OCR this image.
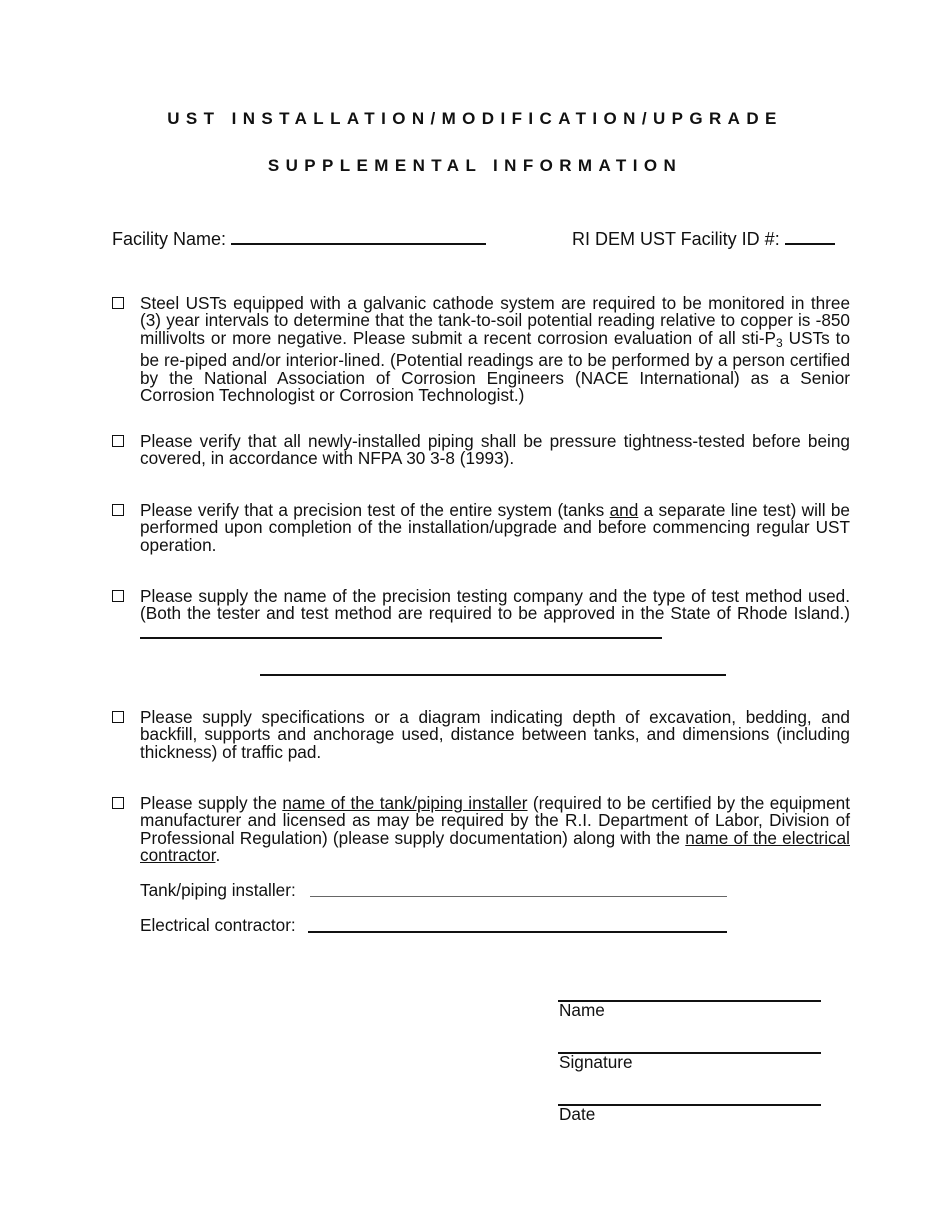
UST INSTALLATION/MODIFICATION/UPGRADE
SUPPLEMENTAL INFORMATION
Facility Name:	RI DEM UST Facility ID #:
Steel USTs equipped with a galvanic cathode system are required to be monitored in three (3) year intervals to determine that the tank-to-soil potential reading relative to copper is -850 millivolts or more negative. Please submit a recent corrosion evaluation of all sti-$P_3$ USTs to be re-piped and/or interior-lined. (Potential readings are to be performed by a person certified by the National Association of Corrosion Engineers (NACE International) as a Senior Corrosion Technologist or Corrosion Technologist.)
Please verify that all newly-installed piping shall be pressure tightness-tested before being covered, in accordance with NFPA 30 3-8 (1993).
Please verify that a precision test of the entire system (tanks and a separate line test) will be performed upon completion of the installation/upgrade and before commencing regular UST operation.
Please supply the name of the precision testing company and the type of test method used. (Both the tester and test method are required to be approved in the State of Rhode Island.)
Please supply specifications or a diagram indicating depth of excavation, bedding, and backfill, supports and anchorage used, distance between tanks, and dimensions (including thickness) of traffic pad.
Please supply the name of the tank/piping installer (required to be certified by the equipment manufacturer and licensed as may be required by the R.I. Department of Labor, Division of Professional Regulation) (please supply documentation) along with the name of the electrical contractor.
Tank/piping installer:
Electrical contractor:
Name
Signature
Date
